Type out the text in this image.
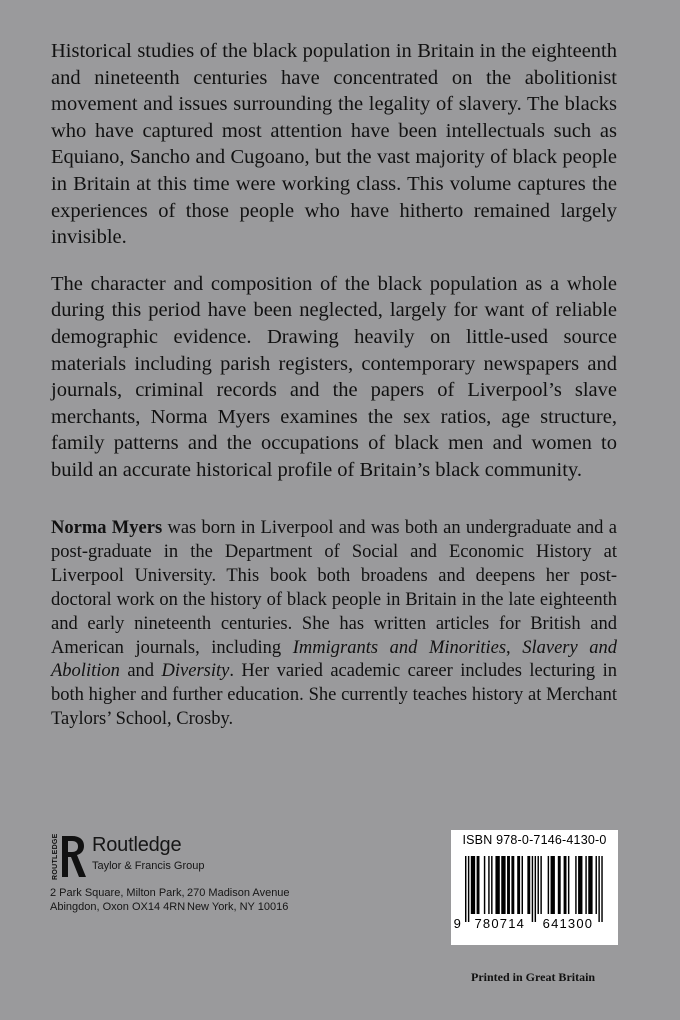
Historical studies of the black population in Britain in the eighteenth and nineteenth centuries have concentrated on the abolitionist movement and issues surrounding the legality of slavery. The blacks who have captured most attention have been intellectuals such as Equiano, Sancho and Cugoano, but the vast majority of black people in Britain at this time were working class. This volume captures the experiences of those people who have hitherto remained largely invisible.

The character and composition of the black population as a whole during this period have been neglected, largely for want of reliable demographic evidence. Drawing heavily on little-used source materials including parish registers, contemporary newspapers and journals, criminal records and the papers of Liverpool’s slave merchants, Norma Myers examines the sex ratios, age structure, family patterns and the occupations of black men and women to build an accurate historical profile of Britain’s black community.

Norma Myers was born in Liverpool and was both an undergraduate and a post-graduate in the Department of Social and Economic History at Liverpool University. This book both broadens and deepens her post-doctoral work on the history of black people in Britain in the late eighteenth and early nineteenth centuries. She has written articles for British and American journals, including Immigrants and Minorities, Slavery and Abolition and Diversity. Her varied academic career includes lecturing in both higher and further education. She currently teaches history at Merchant Taylors’ School, Crosby.

ROUTLEDGE Routledge
Taylor & Francis Group
2 Park Square, Milton Park,
Abingdon, Oxon OX14 4RN
270 Madison Avenue
New York, NY 10016
ISBN 978-0-7146-4130-0
9 780714 641300
Printed in Great Britain
